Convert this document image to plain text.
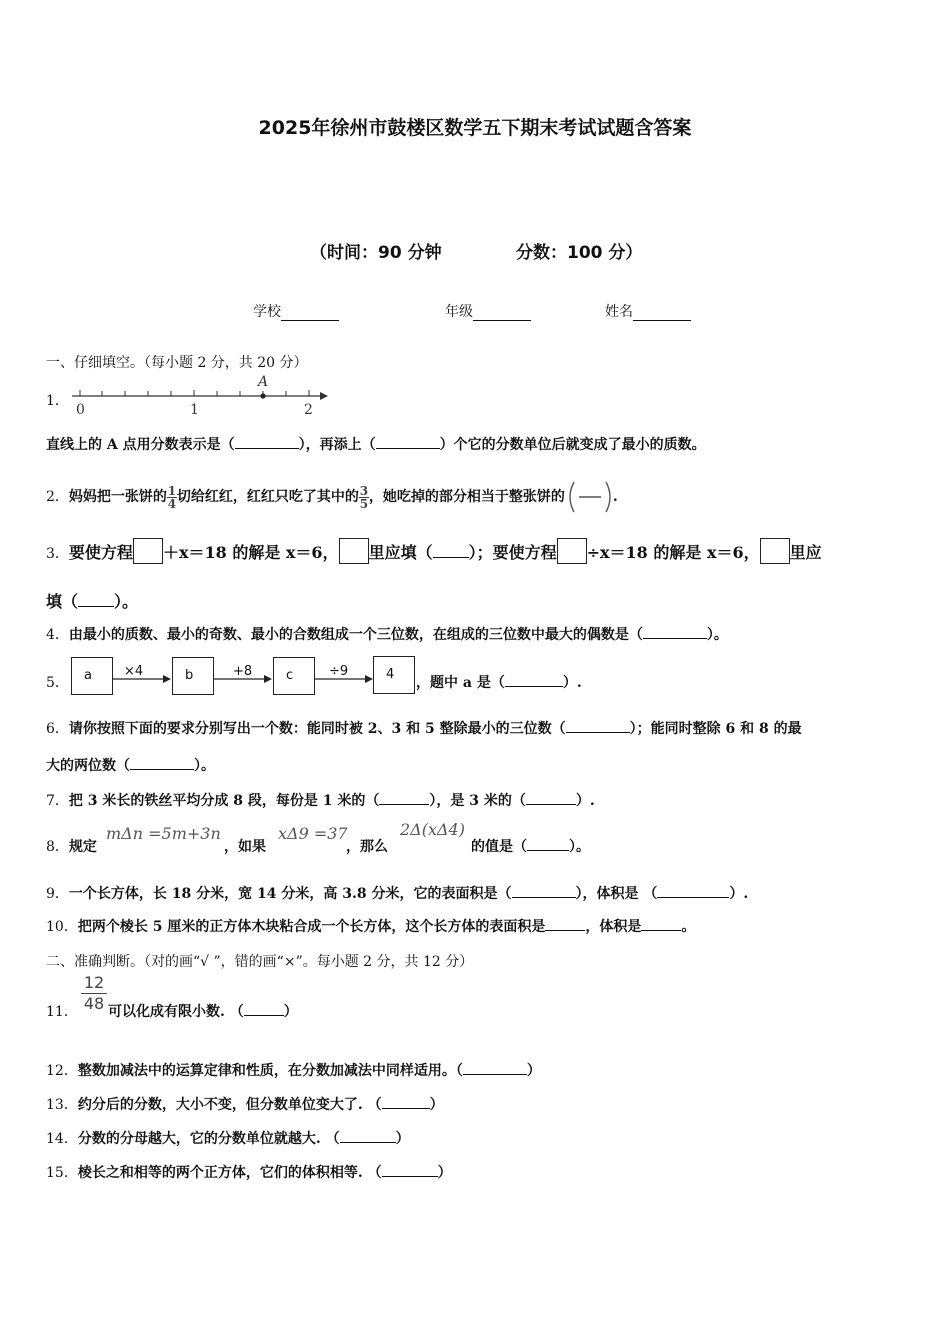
2025年徐州市鼓楼区数学五下期末考试试题含答案
（时间：90 分钟	分数：100 分）
学校	年级	姓名
一、仔细填空。（每小题 2 分，共 20 分）
1．
A
0	1	2
直线上的 A 点用分数表示是（	），再添上（	）个它的分数单位后就变成了最小的质数。
2．妈妈把一张饼的 $\frac{1}{4}$ 切给红红，红红只吃了其中的 $\frac{3}{5}$ ，她吃掉的部分相当于整张饼的	.
3．要使方程 ＋x＝18 的解是 x＝6， 里应填（ ）；要使方程 ÷x＝18 的解是 x＝6， 里应
填（ ）。
4．由最小的质数、最小的奇数、最小的合数组成一个三位数，在组成的三位数中最大的偶数是（	）。
5．	a	×4	b	+8	c	÷9	4
，题中 a 是（	）.
6．请你按照下面的要求分别写出一个数：能同时被 2、3 和 5 整除最小的三位数（	）；能同时整除 6 和 8 的最
大的两位数（	）。
7．把 3 米长的铁丝平均分成 8 段，每份是 1 米的（	），是 3 米的（	）.
8．规定
mΔn =5m+3n
，如果
xΔ9 =37
，那么
2Δ(xΔ4)
的值是（	）。
9．一个长方体，长 18 分米，宽 14 分米，高 3.8 分米，它的表面积是（	），体积是 （	）.
10．把两个棱长 5 厘米的正方体木块粘合成一个长方体，这个长方体的表面积是	，体积是	。
二、准确判断。（对的画“√ ”，错的画“×”。每小题 2 分，共 12 分）
11．
12
48 可以化成有限小数. （	）
12．整数加减法中的运算定律和性质，在分数加减法中同样适用。（	）
13．约分后的分数，大小不变，但分数单位变大了. （	）
14．分数的分母越大，它的分数单位就越大. （	）
15．棱长之和相等的两个正方体，它们的体积相等. （	）
